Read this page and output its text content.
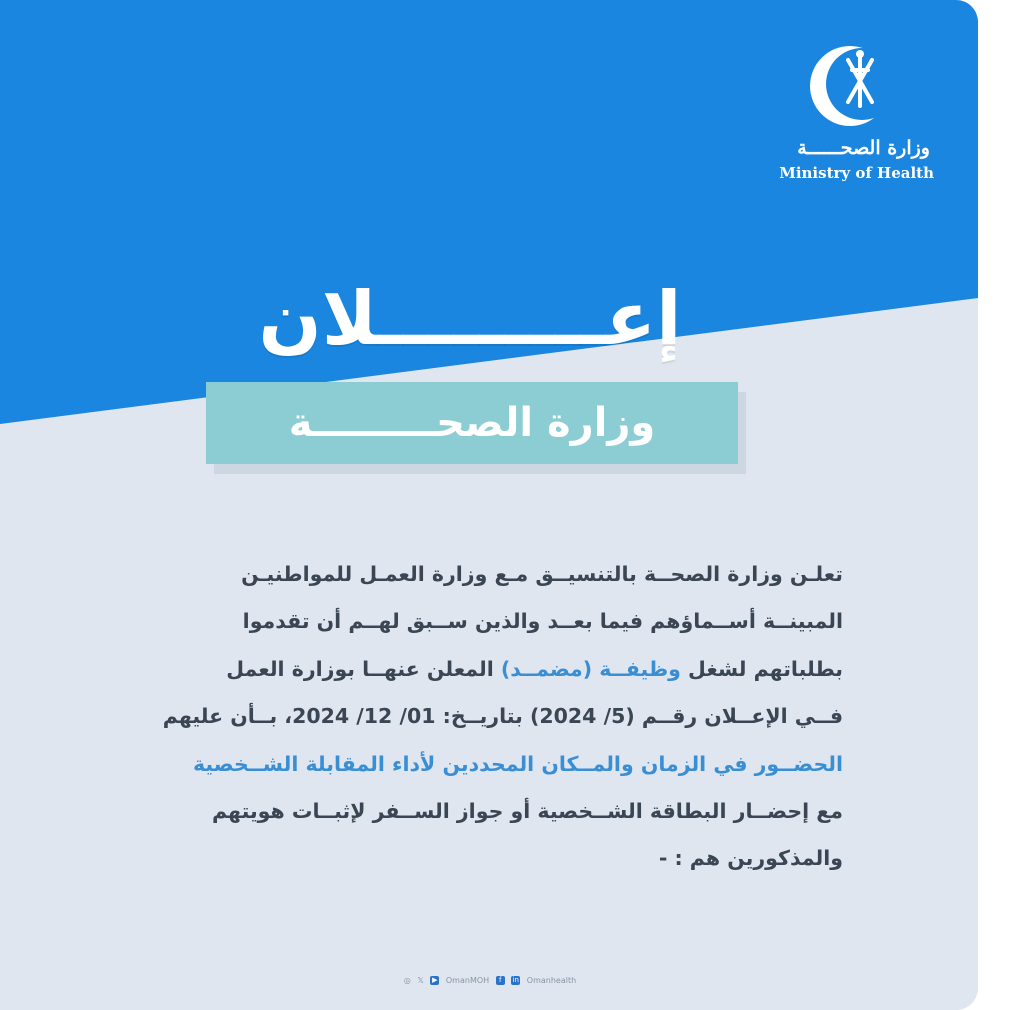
وزارة الصحــــــة
Ministry of Health
إعـــــــــلان
وزارة الصحـــــــــة
تعلـن وزارة الصحــة بالتنسيــق مـع وزارة العمـل للمواطنيـن
المبينــة أســماؤهم فيما بعــد والذين ســبق لهــم أن تقدموا
بطلباتهم لشغل وظيفــة (مضمــد) المعلن عنهــا بوزارة العمل
فــي الإعــلان رقــم (5/ 2024) بتاريــخ: 01/ 12/ 2024، بــأن عليهم
الحضــور في الزمان والمــكان المحددين لأداء المقابلة الشــخصية
مع إحضــار البطاقة الشــخصية أو جواز الســفر لإثبــات هويتهم
والمذكورين هم : -
◎ 𝕏 ▶ OmanMOH f in Omanhealth
